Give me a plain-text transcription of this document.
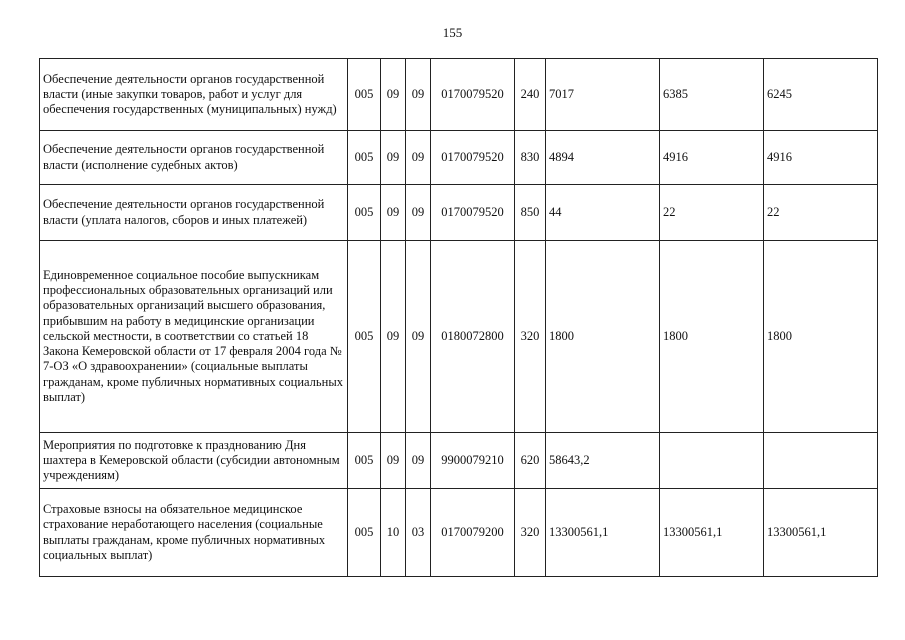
155
Обеспечение деятельности органов государственной власти (иные закупки товаров, работ и услуг для обеспечения государственных (муниципальных) нужд)	005	09	09	0170079520	240	7017	6385	6245
Обеспечение деятельности органов государственной власти (исполнение судебных актов)	005	09	09	0170079520	830	4894	4916	4916
Обеспечение деятельности органов государственной власти (уплата налогов, сборов и иных платежей)	005	09	09	0170079520	850	44	22	22
Единовременное социальное пособие выпускникам профессиональных образовательных организаций или образовательных организаций высшего образования, прибывшим на работу в медицинские организации сельской местности, в соответствии со статьей 18 Закона Кемеровской области от 17 февраля 2004 года № 7-ОЗ «О здравоохранении» (социальные выплаты гражданам, кроме публичных нормативных социальных выплат)	005	09	09	0180072800	320	1800	1800	1800
Мероприятия по подготовке к празднованию Дня шахтера в Кемеровской области (субсидии автономным учреждениям)	005	09	09	9900079210	620	58643,2		
Страховые взносы на обязательное медицинское страхование неработающего населения (социальные выплаты гражданам, кроме публичных нормативных социальных выплат)	005	10	03	0170079200	320	13300561,1	13300561,1	13300561,1
